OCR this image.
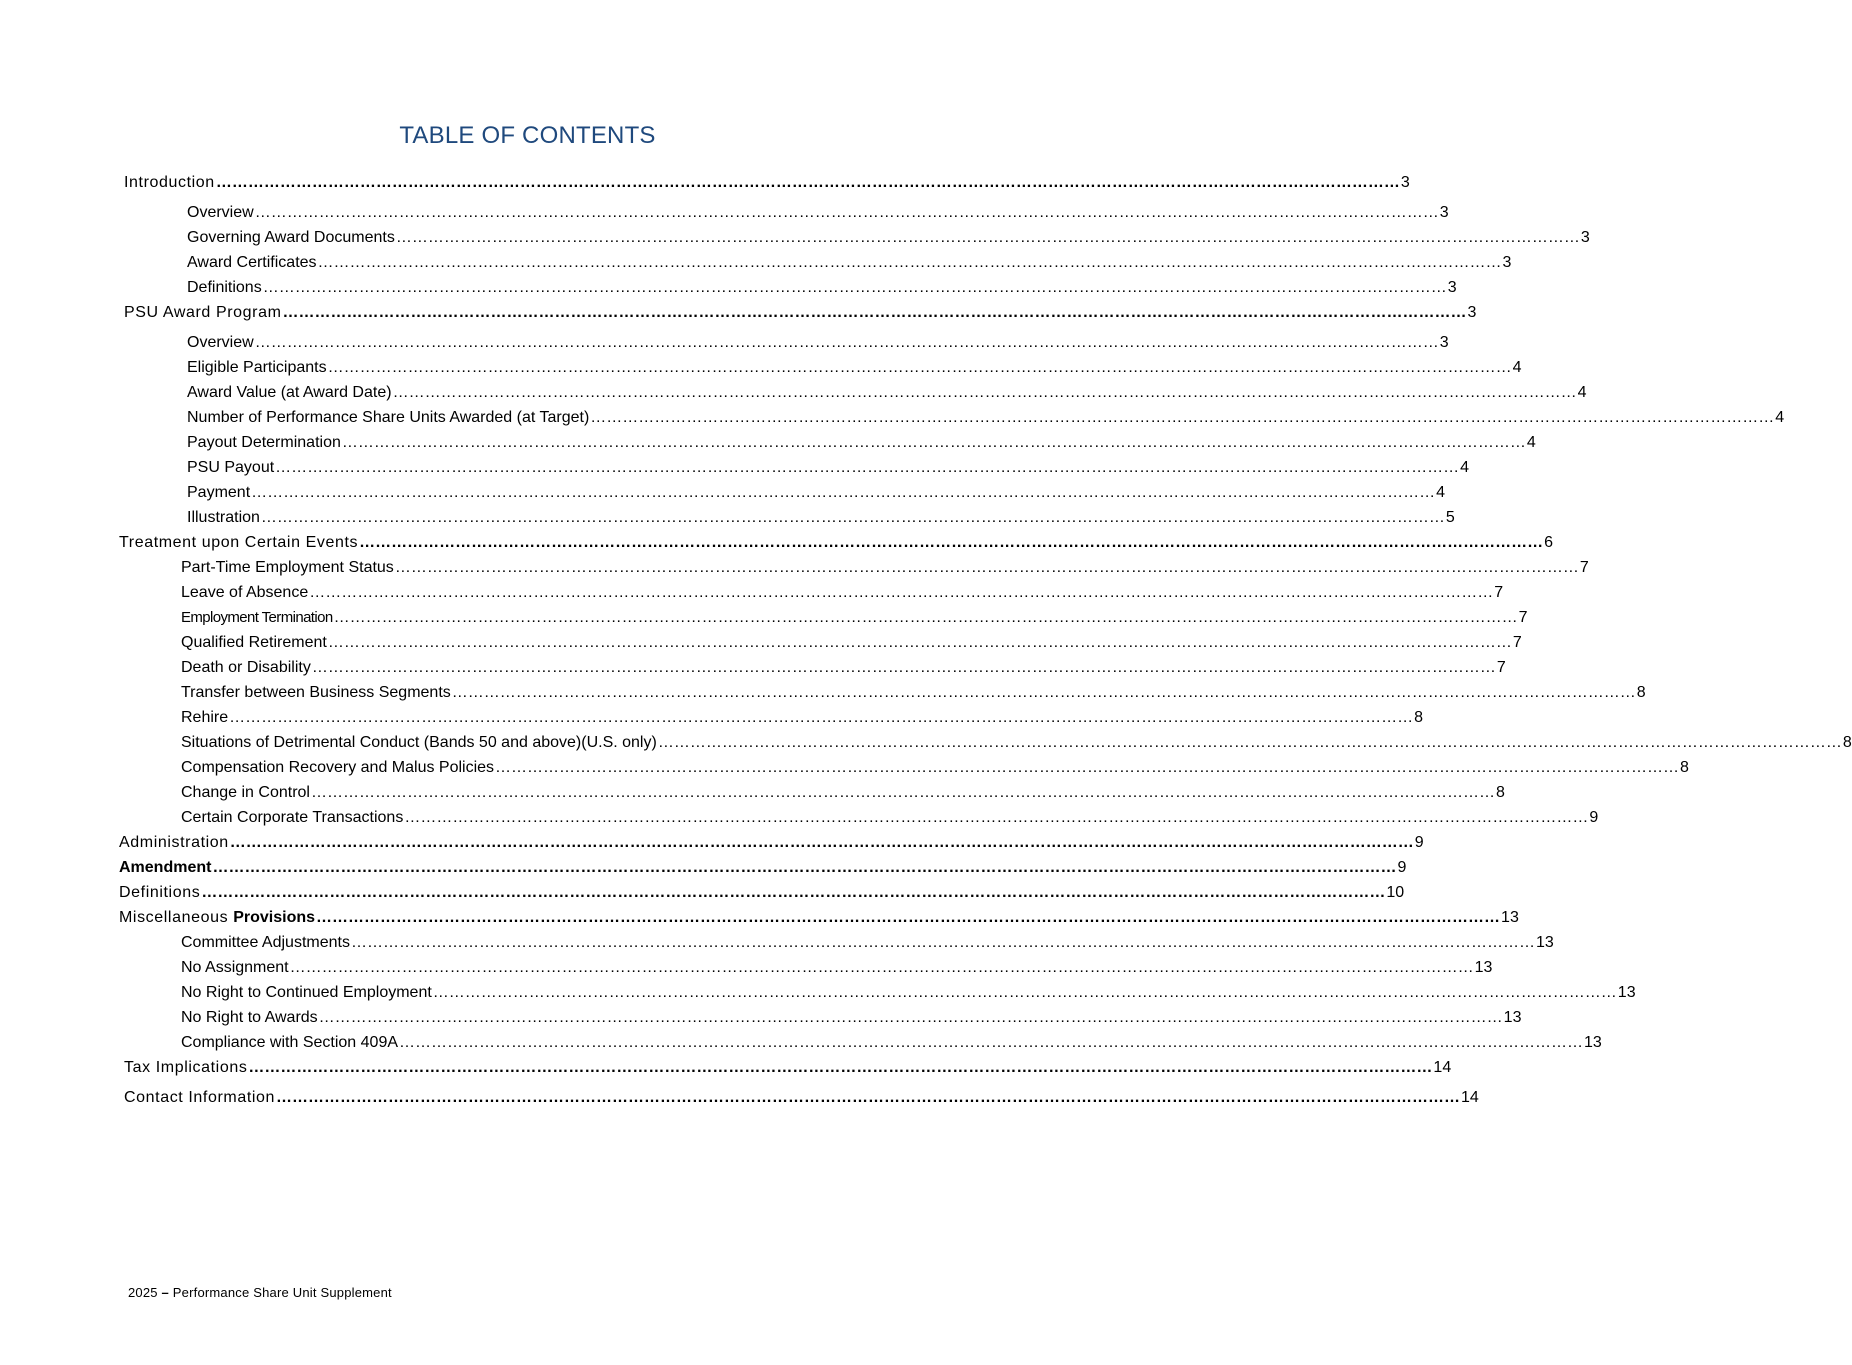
TABLE OF CONTENTS
Introduction …………………………………………………………………………………………………………………………………………………………………………………………………… 3
Overview …………………………………………………………………………………………………………………………………………………………………………………………………… 3
Governing Award Documents …………………………………………………………………………………………………………………………………………………………………………………………………… 3
Award Certificates …………………………………………………………………………………………………………………………………………………………………………………………………… 3
Definitions …………………………………………………………………………………………………………………………………………………………………………………………………… 3
PSU Award Program …………………………………………………………………………………………………………………………………………………………………………………………………… 3
Overview …………………………………………………………………………………………………………………………………………………………………………………………………… 3
Eligible Participants …………………………………………………………………………………………………………………………………………………………………………………………………… 4
Award Value (at Award Date) …………………………………………………………………………………………………………………………………………………………………………………………………… 4
Number of Performance Share Units Awarded (at Target) …………………………………………………………………………………………………………………………………………………………………………………………………… 4
Payout Determination …………………………………………………………………………………………………………………………………………………………………………………………………… 4
PSU Payout …………………………………………………………………………………………………………………………………………………………………………………………………… 4
Payment …………………………………………………………………………………………………………………………………………………………………………………………………… 4
Illustration …………………………………………………………………………………………………………………………………………………………………………………………………… 5
Treatment upon Certain Events …………………………………………………………………………………………………………………………………………………………………………………………………… 6
Part-Time Employment Status …………………………………………………………………………………………………………………………………………………………………………………………………… 7
Leave of Absence …………………………………………………………………………………………………………………………………………………………………………………………………… 7
Employment Termination …………………………………………………………………………………………………………………………………………………………………………………………………… 7
Qualified Retirement …………………………………………………………………………………………………………………………………………………………………………………………………… 7
Death or Disability …………………………………………………………………………………………………………………………………………………………………………………………………… 7
Transfer between Business Segments …………………………………………………………………………………………………………………………………………………………………………………………………… 8
Rehire …………………………………………………………………………………………………………………………………………………………………………………………………… 8
Situations of Detrimental Conduct (Bands 50 and above)(U.S. only) …………………………………………………………………………………………………………………………………………………………………………………………………… 8
Compensation Recovery and Malus Policies …………………………………………………………………………………………………………………………………………………………………………………………………… 8
Change in Control …………………………………………………………………………………………………………………………………………………………………………………………………… 8
Certain Corporate Transactions …………………………………………………………………………………………………………………………………………………………………………………………………… 9
Administration …………………………………………………………………………………………………………………………………………………………………………………………………… 9
Amendment …………………………………………………………………………………………………………………………………………………………………………………………………… 9
Definitions …………………………………………………………………………………………………………………………………………………………………………………………………… 10
Miscellaneous Provisions …………………………………………………………………………………………………………………………………………………………………………………………………… 13
Committee Adjustments …………………………………………………………………………………………………………………………………………………………………………………………………… 13
No Assignment …………………………………………………………………………………………………………………………………………………………………………………………………… 13
No Right to Continued Employment …………………………………………………………………………………………………………………………………………………………………………………………………… 13
No Right to Awards …………………………………………………………………………………………………………………………………………………………………………………………………… 13
Compliance with Section 409A …………………………………………………………………………………………………………………………………………………………………………………………………… 13
Tax Implications …………………………………………………………………………………………………………………………………………………………………………………………………… 14
Contact Information …………………………………………………………………………………………………………………………………………………………………………………………………… 14
2025 – Performance Share Unit Supplement
